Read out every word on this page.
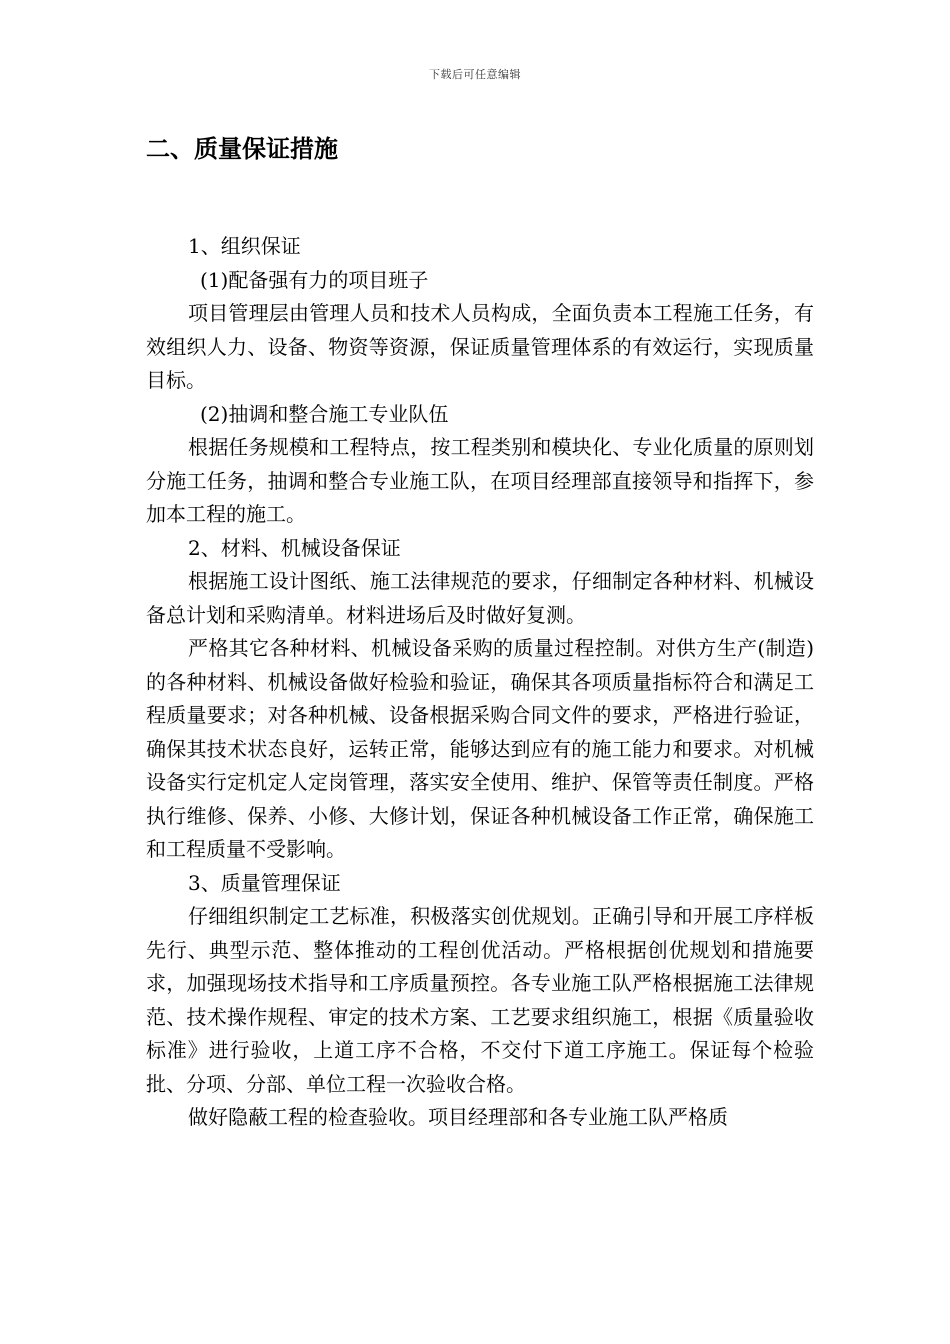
下载后可任意编辑
二、质量保证措施

1、组织保证

(1)配备强有力的项目班子

项目管理层由管理人员和技术人员构成，全面负责本工程施工任务，有效组织人力、设备、物资等资源，保证质量管理体系的有效运行，实现质量目标。

(2)抽调和整合施工专业队伍

根据任务规模和工程特点，按工程类别和模块化、专业化质量的原则划分施工任务，抽调和整合专业施工队，在项目经理部直接领导和指挥下，参加本工程的施工。

2、材料、机械设备保证

根据施工设计图纸、施工法律规范的要求，仔细制定各种材料、机械设备总计划和采购清单。材料进场后及时做好复测。

严格其它各种材料、机械设备采购的质量过程控制。对供方生产(制造)的各种材料、机械设备做好检验和验证，确保其各项质量指标符合和满足工程质量要求；对各种机械、设备根据采购合同文件的要求，严格进行验证，确保其技术状态良好，运转正常，能够达到应有的施工能力和要求。对机械设备实行定机定人定岗管理，落实安全使用、维护、保管等责任制度。严格执行维修、保养、小修、大修计划，保证各种机械设备工作正常，确保施工和工程质量不受影响。

3、质量管理保证

仔细组织制定工艺标准，积极落实创优规划。正确引导和开展工序样板先行、典型示范、整体推动的工程创优活动。严格根据创优规划和措施要求，加强现场技术指导和工序质量预控。各专业施工队严格根据施工法律规范、技术操作规程、审定的技术方案、工艺要求组织施工，根据《质量验收标准》进行验收，上道工序不合格，不交付下道工序施工。保证每个检验批、分项、分部、单位工程一次验收合格。

做好隐蔽工程的检查验收。项目经理部和各专业施工队严格质
